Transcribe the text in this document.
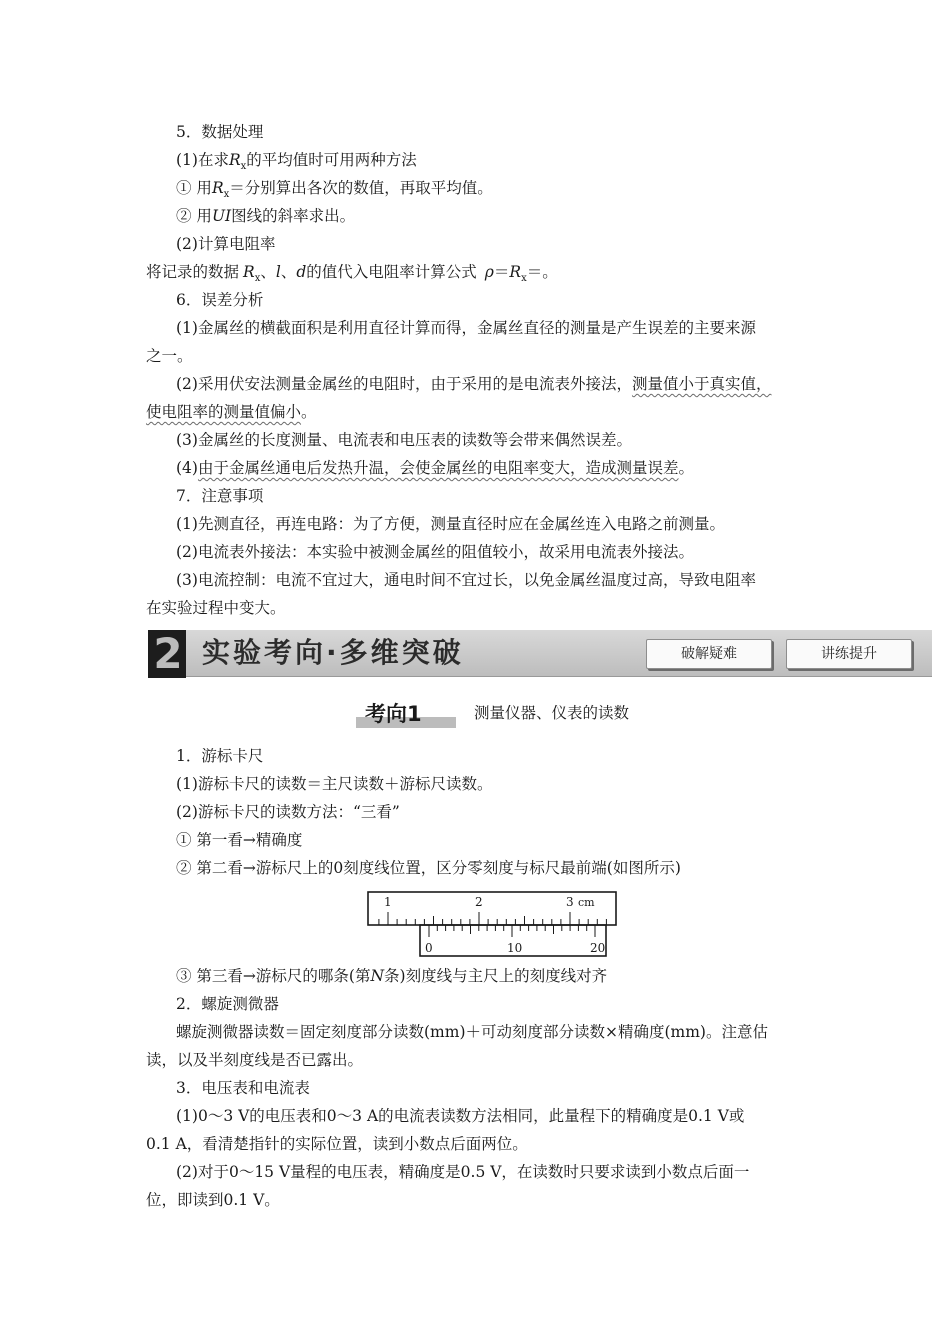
5．数据处理
(1)在求$R_x$的平均值时可用两种方法
① 用$R_x=$分别算出各次的数值，再取平均值。
② 用UI图线的斜率求出。
(2)计算电阻率
将记录的数据 $R_x$、l、d的值代入电阻率计算公式 $\rho=R_x=$。
6．误差分析
(1)金属丝的横截面积是利用直径计算而得，金属丝直径的测量是产生误差的主要来源
之一。
(2)采用伏安法测量金属丝的电阻时，由于采用的是电流表外接法，测量值小于真实值，
使电阻率的测量值偏小。
(3)金属丝的长度测量、电流表和电压表的读数等会带来偶然误差。
(4)由于金属丝通电后发热升温，会使金属丝的电阻率变大，造成测量误差。
7．注意事项
(1)先测直径，再连电路：为了方便，测量直径时应在金属丝连入电路之前测量。
(2)电流表外接法：本实验中被测金属丝的阻值较小，故采用电流表外接法。
(3)电流控制：电流不宜过大，通电时间不宜过长，以免金属丝温度过高，导致电阻率
在实验过程中变大。
2 实验考向·多维突破	破解疑难	讲练提升
考向1	测量仪器、仪表的读数
1．游标卡尺
(1)游标卡尺的读数＝主尺读数＋游标尺读数。
(2)游标卡尺的读数方法：“三看”
① 第一看→精确度
② 第二看→游标尺上的0刻度线位置，区分零刻度与标尺最前端(如图所示)
1	2	3 cm
0	10	20
③ 第三看→游标尺的哪条(第N条)刻度线与主尺上的刻度线对齐
2．螺旋测微器
螺旋测微器读数＝固定刻度部分读数(mm)＋可动刻度部分读数×精确度(mm)。注意估
读，以及半刻度线是否已露出。
3．电压表和电流表
(1)0～3 V的电压表和0～3 A的电流表读数方法相同，此量程下的精确度是0.1 V或
0.1 A，看清楚指针的实际位置，读到小数点后面两位。
(2)对于0～15 V量程的电压表，精确度是0.5 V，在读数时只要求读到小数点后面一
位，即读到0.1 V。
